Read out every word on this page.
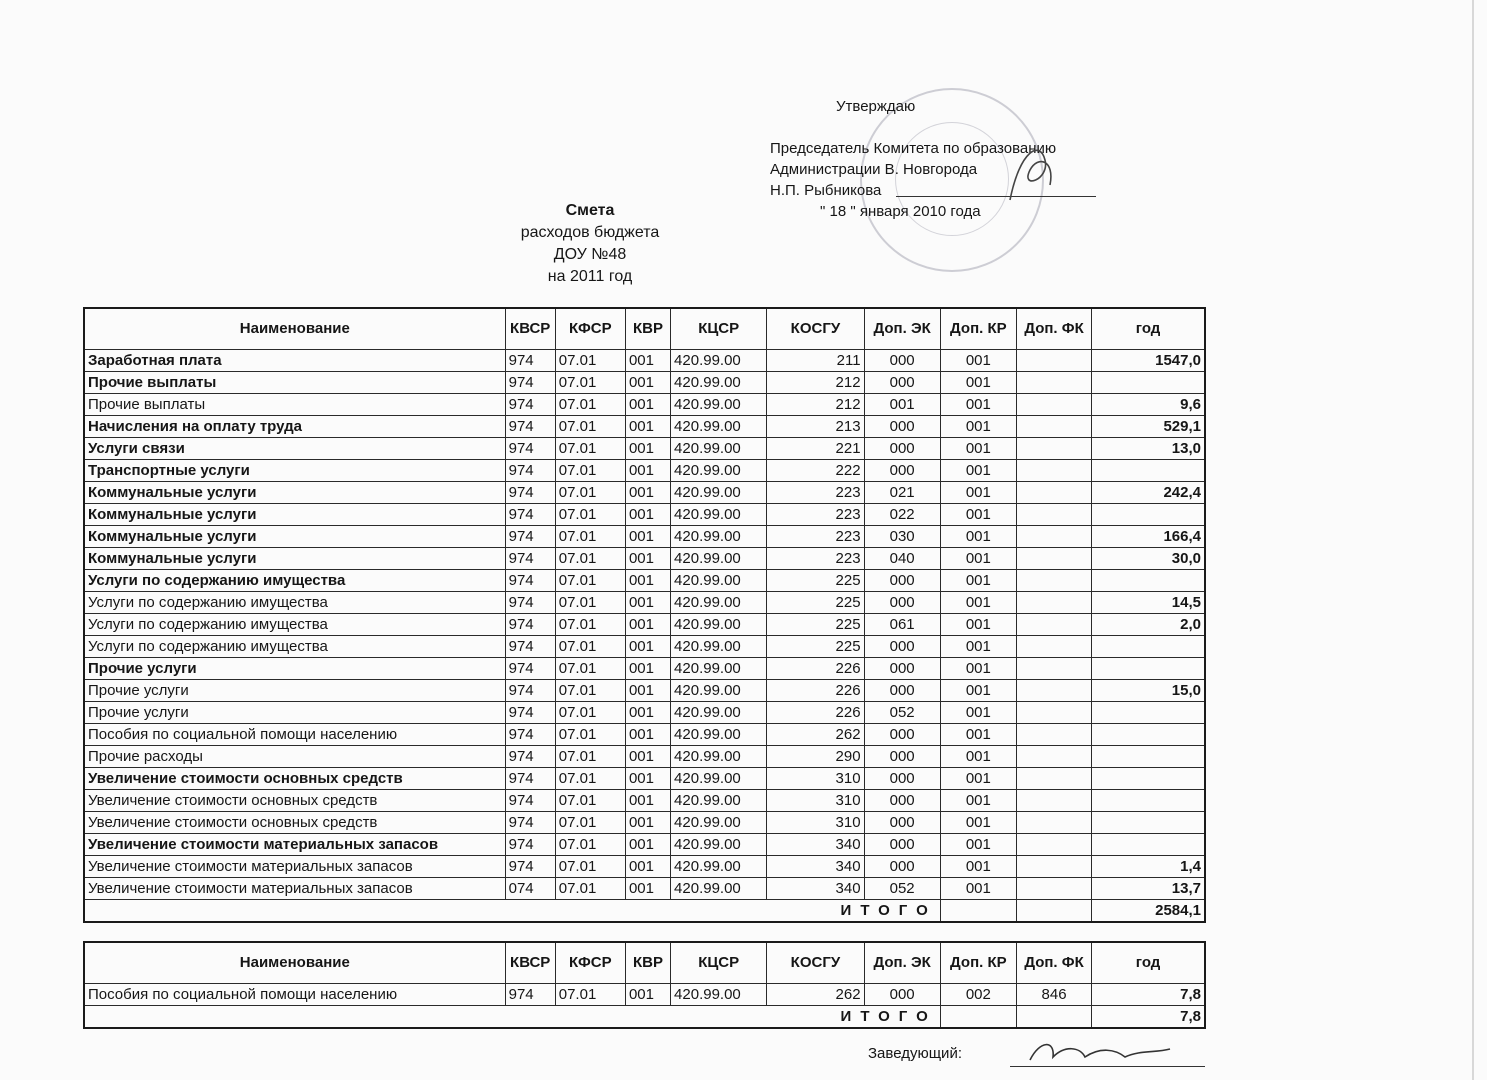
Утверждаю
Председатель Комитета по образованию
Администрации В. Новгорода
Н.П. Рыбникова
" 18 " января 2010 года
Смета
расходов бюджета
ДОУ №48
на 2011 год
Наименование	КВСР	КФСР	КВР	КЦСР	КОСГУ	Доп. ЭК	Доп. КР	Доп. ФК	год
Заработная плата	974	07.01	001	420.99.00	211	000	001		1547,0
Прочие выплаты	974	07.01	001	420.99.00	212	000	001		
Прочие выплаты	974	07.01	001	420.99.00	212	001	001		9,6
Начисления на оплату труда	974	07.01	001	420.99.00	213	000	001		529,1
Услуги связи	974	07.01	001	420.99.00	221	000	001		13,0
Транспортные услуги	974	07.01	001	420.99.00	222	000	001		
Коммунальные услуги	974	07.01	001	420.99.00	223	021	001		242,4
Коммунальные услуги	974	07.01	001	420.99.00	223	022	001		
Коммунальные услуги	974	07.01	001	420.99.00	223	030	001		166,4
Коммунальные услуги	974	07.01	001	420.99.00	223	040	001		30,0
Услуги по содержанию имущества	974	07.01	001	420.99.00	225	000	001		
Услуги по содержанию имущества	974	07.01	001	420.99.00	225	000	001		14,5
Услуги по содержанию имущества	974	07.01	001	420.99.00	225	061	001		2,0
Услуги по содержанию имущества	974	07.01	001	420.99.00	225	000	001		
Прочие услуги	974	07.01	001	420.99.00	226	000	001		
Прочие услуги	974	07.01	001	420.99.00	226	000	001		15,0
Прочие услуги	974	07.01	001	420.99.00	226	052	001		
Пособия по социальной помощи населению	974	07.01	001	420.99.00	262	000	001		
Прочие расходы	974	07.01	001	420.99.00	290	000	001		
Увеличение стоимости основных средств	974	07.01	001	420.99.00	310	000	001		
Увеличение стоимости основных средств	974	07.01	001	420.99.00	310	000	001		
Увеличение стоимости основных средств	974	07.01	001	420.99.00	310	000	001		
Увеличение стоимости материальных запасов	974	07.01	001	420.99.00	340	000	001		
Увеличение стоимости материальных запасов	974	07.01	001	420.99.00	340	000	001		1,4
Увеличение стоимости материальных запасов	074	07.01	001	420.99.00	340	052	001		13,7
ИТОГО									2584,1
Наименование	КВСР	КФСР	КВР	КЦСР	КОСГУ	Доп. ЭК	Доп. КР	Доп. ФК	год
Пособия по социальной помощи населению	974	07.01	001	420.99.00	262	000	002	846	7,8
ИТОГО									7,8
Заведующий:
